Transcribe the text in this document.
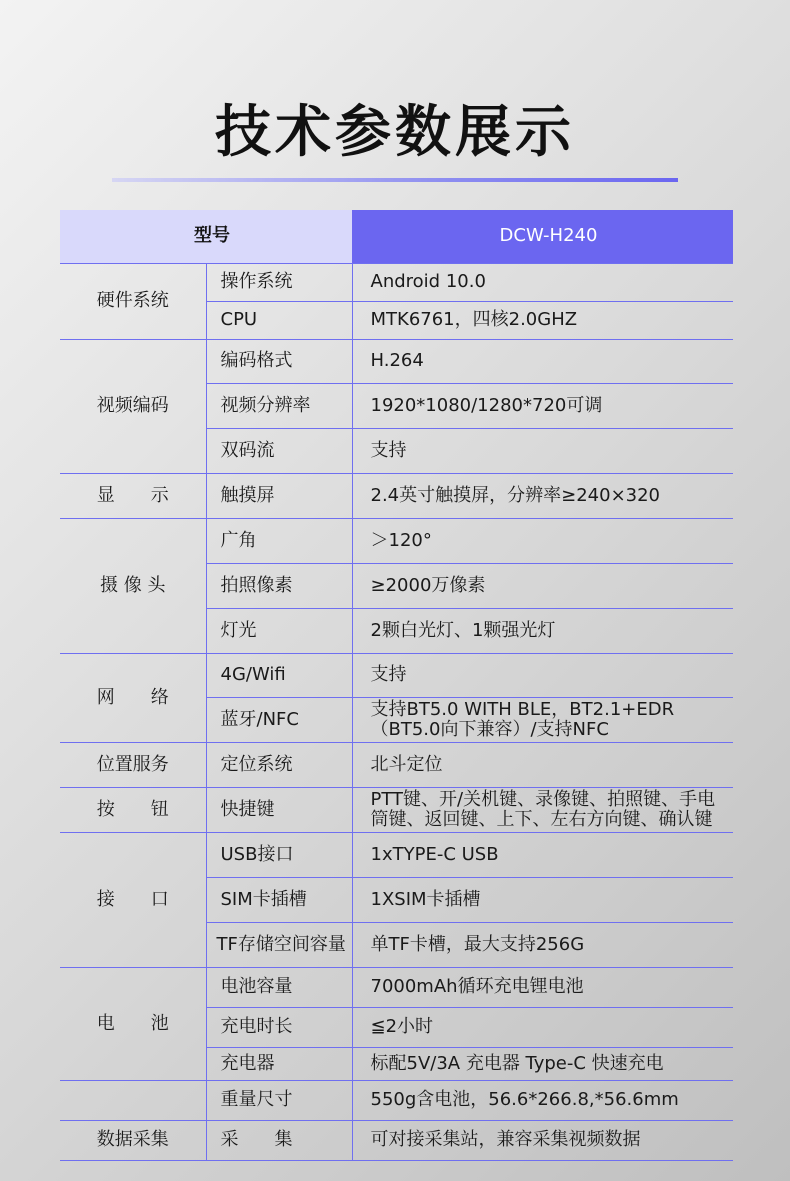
技术参数展示
型号		DCW-H240
硬件系统	操作系统	Android 10.0
	CPU	MTK6761，四核2.0GHZ
视频编码	编码格式	H.264
	视频分辨率	1920*1080/1280*720可调
	双码流	支持
显　　示	触摸屏	2.4英寸触摸屏，分辨率≥240×320
摄 像 头	广角	＞120°
	拍照像素	≥2000万像素
	灯光	2颗白光灯、1颗强光灯
网　　络	4G/Wifi	支持
	蓝牙/NFC	支持BT5.0 WITH BLE，BT2.1+EDR（BT5.0向下兼容）/支持NFC
位置服务	定位系统	北斗定位
按　　钮	快捷键	PTT键、开/关机键、录像键、拍照键、手电筒键、返回键、上下、左右方向键、确认键
接　　口	USB接口	1xTYPE-C USB
	SIM卡插槽	1XSIM卡插槽
	TF存储空间容量	单TF卡槽，最大支持256G
电　　池	电池容量	7000mAh循环充电锂电池
	充电时长	≦2小时
	充电器	标配5V/3A 充电器 Type-C 快速充电
	重量尺寸	550g含电池，56.6*266.8,*56.6mm
数据采集	采　　集	可对接采集站，兼容采集视频数据
